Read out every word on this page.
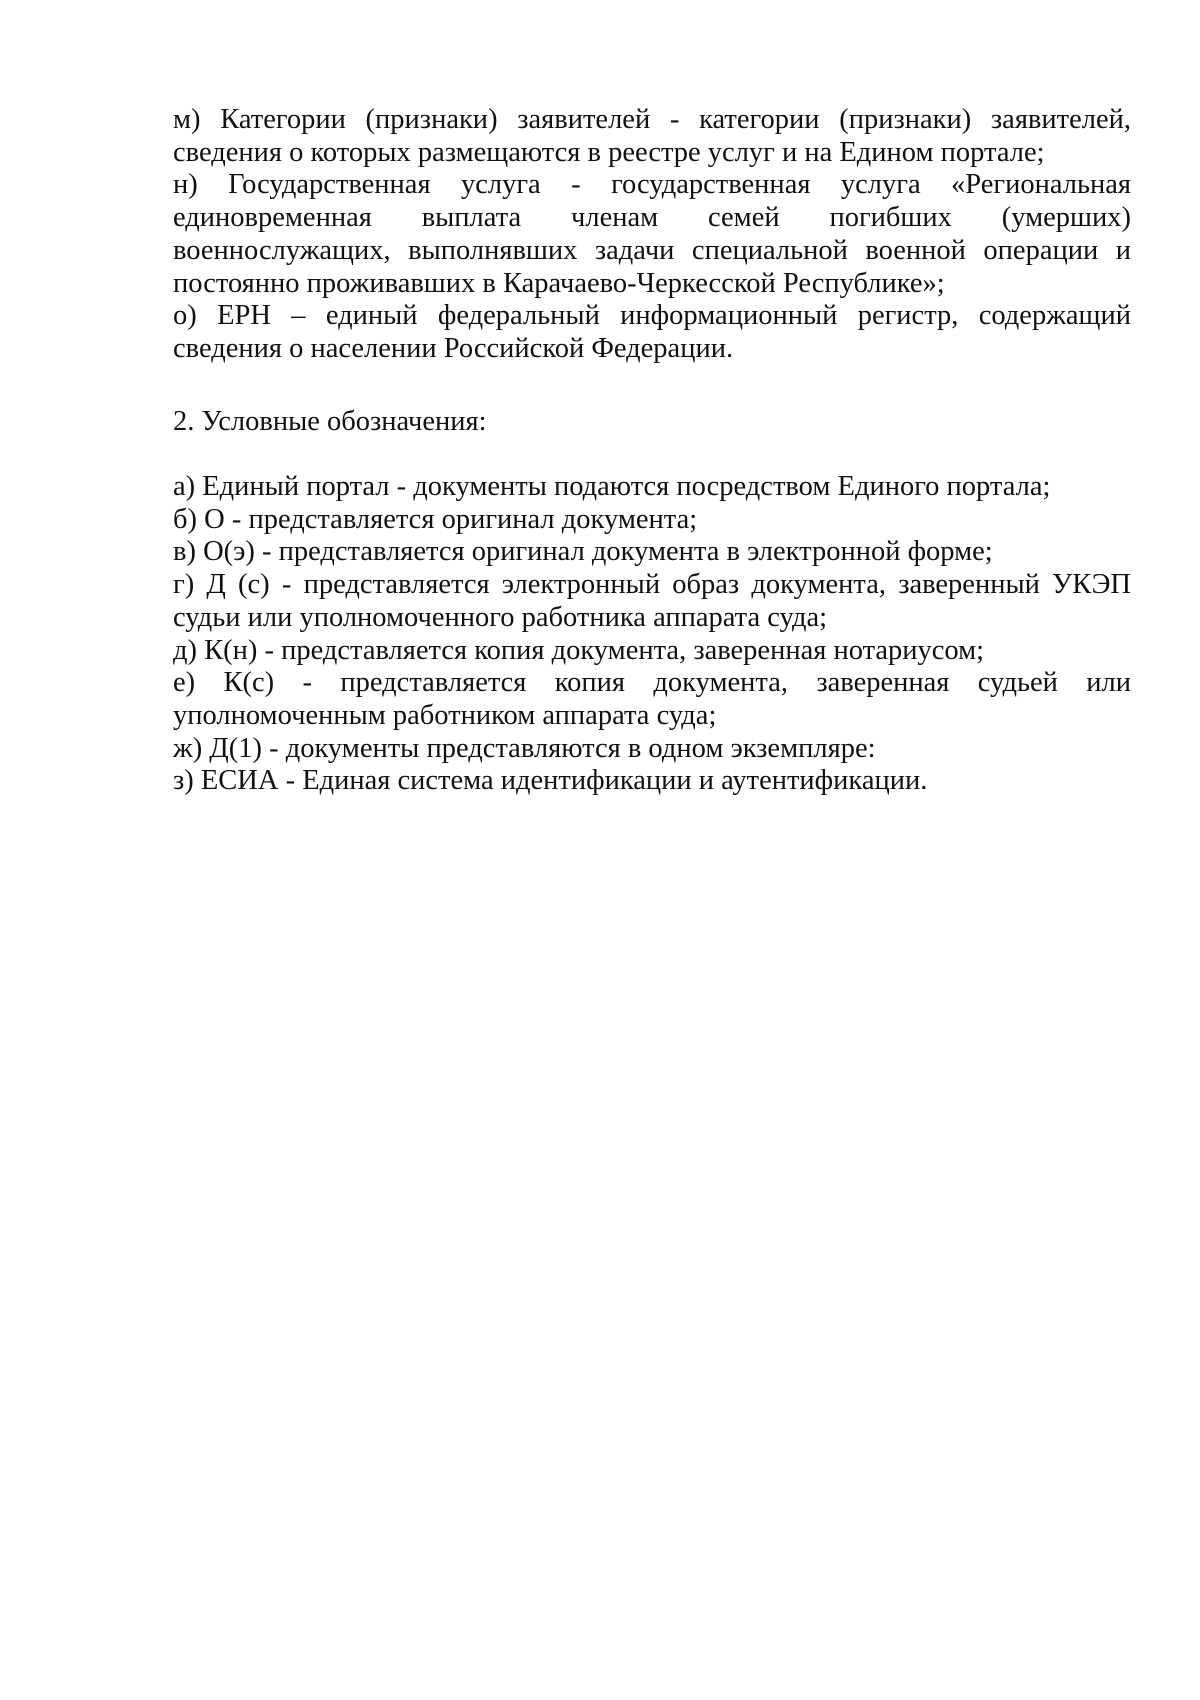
м) Категории (признаки) заявителей - категории (признаки) заявителей,

сведения о которых размещаются в реестре услуг и на Едином портале;

н) Государственная услуга - государственная услуга «Региональная

единовременная выплата членам семей погибших (умерших)

военнослужащих, выполнявших задачи специальной военной операции и

постоянно проживавших в Карачаево-Черкесской Республике»;

о) ЕРН – единый федеральный информационный регистр, содержащий

сведения о населении Российской Федерации.

2. Условные обозначения:

а) Единый портал - документы подаются посредством Единого портала;

б) О - представляется оригинал документа;

в) О(э) - представляется оригинал документа в электронной форме;

г) Д (с) - представляется электронный образ документа, заверенный УКЭП

судьи или уполномоченного работника аппарата суда;

д) К(н) - представляется копия документа, заверенная нотариусом;

е) К(с) - представляется копия документа, заверенная судьей или

уполномоченным работником аппарата суда;

ж) Д(1) - документы представляются в одном экземпляре:

з) ЕСИА - Единая система идентификации и аутентификации.
